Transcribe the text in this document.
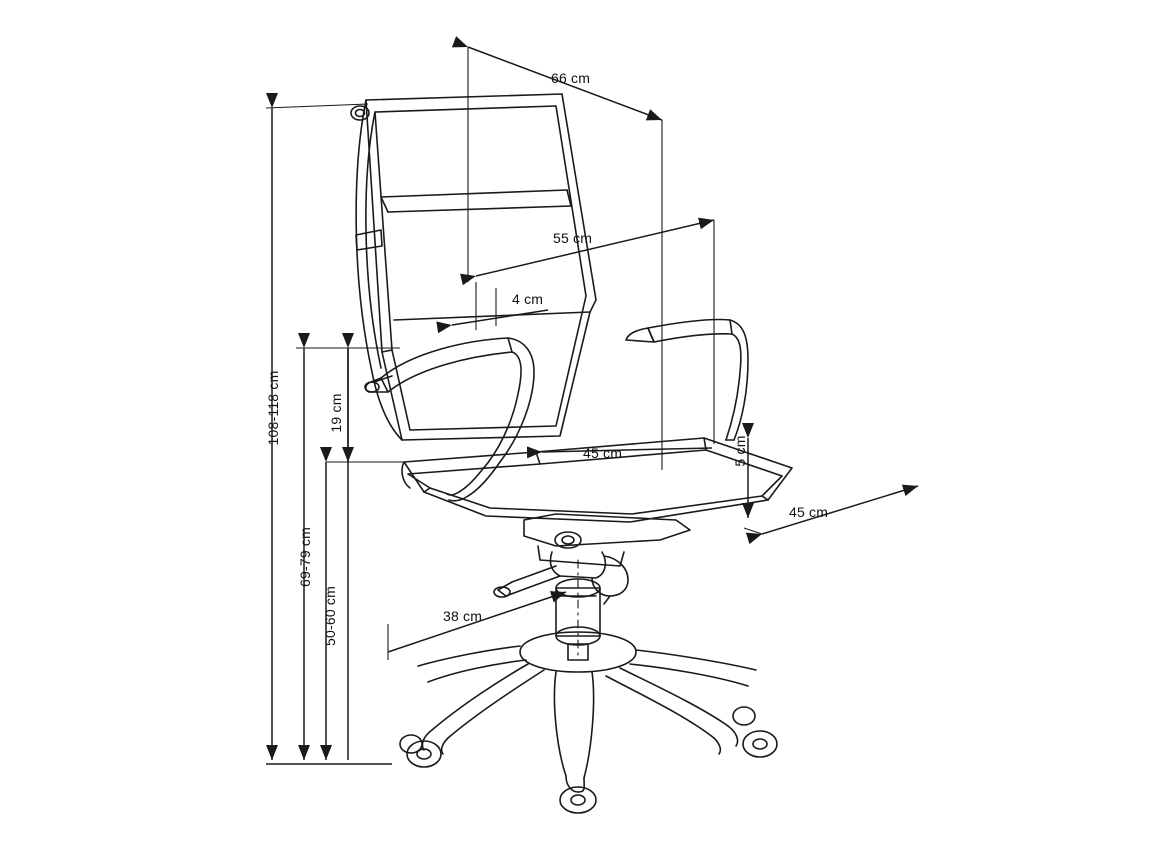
66 cm
55 cm
4 cm
45 cm
45 cm
5 cm
38 cm
108-118 cm
69-79 cm
50-60 cm
19 cm
